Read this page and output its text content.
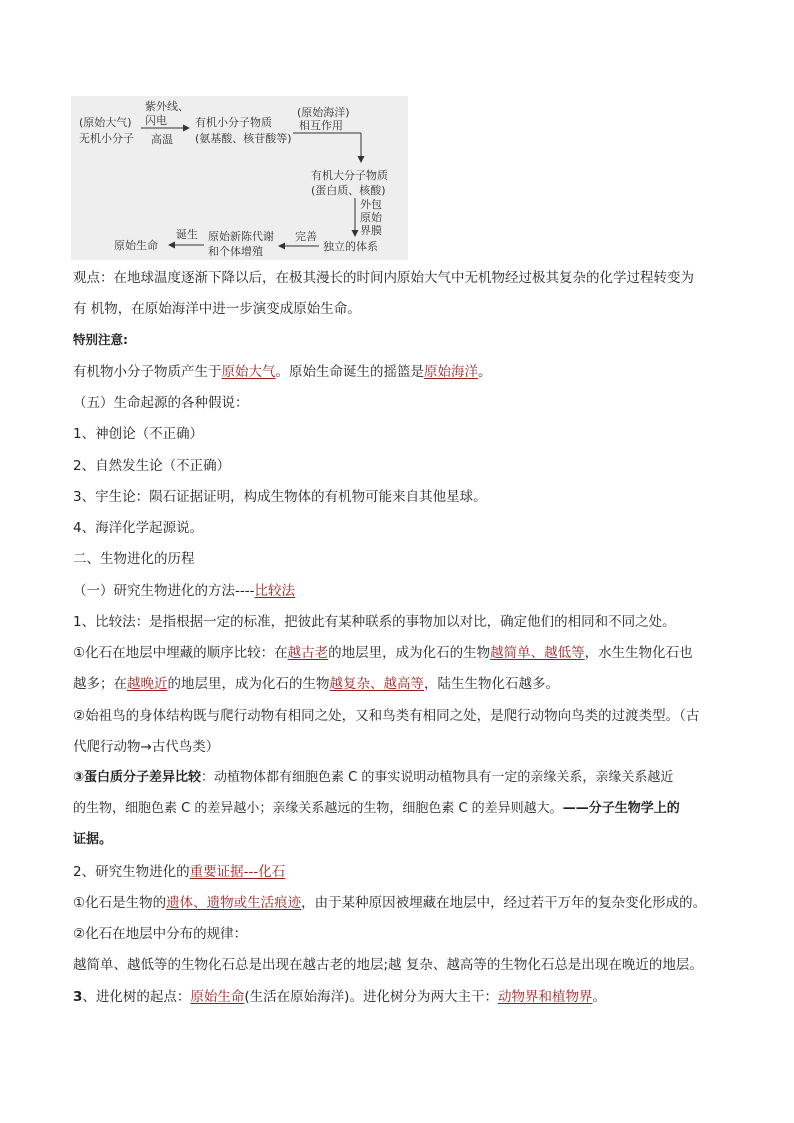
(原始大气)
无机小分子
紫外线、
闪电
高温
有机小分子物质
(氨基酸、核苷酸等)
(原始海洋)
相互作用
有机大分子物质
(蛋白质、核酸)
外包
原始
界膜
独立的体系
完善
原始新陈代谢
和个体增殖
诞生
原始生命
观点：在地球温度逐渐下降以后，在极其漫长的时间内原始大气中无机物经过极其复杂的化学过程转变为
有 机物，在原始海洋中进一步演变成原始生命。
特别注意:
有机物小分子物质产生于原始大气。原始生命诞生的摇篮是原始海洋。
（五）生命起源的各种假说：
1、神创论（不正确）
2、自然发生论（不正确）
3、宇生论：陨石证据证明，构成生物体的有机物可能来自其他星球。
4、海洋化学起源说。
二、生物进化的历程
（一）研究生物进化的方法----比较法
1、比较法：是指根据一定的标准，把彼此有某种联系的事物加以对比，确定他们的相同和不同之处。
①化石在地层中埋藏的顺序比较：在越古老的地层里，成为化石的生物越简单、越低等，水生生物化石也
越多；在越晚近的地层里，成为化石的生物越复杂、越高等，陆生生物化石越多。
②始祖鸟的身体结构既与爬行动物有相同之处，又和鸟类有相同之处，是爬行动物向鸟类的过渡类型。（古
代爬行动物→古代鸟类）
③蛋白质分子差异比较：动植物体都有细胞色素 C 的事实说明动植物具有一定的亲缘关系，亲缘关系越近
的生物，细胞色素 C 的差异越小；亲缘关系越远的生物，细胞色素 C 的差异则越大。——分子生物学上的
证据。
2、研究生物进化的重要证据---化石
①化石是生物的遗体、遗物或生活痕迹，由于某种原因被埋藏在地层中，经过若干万年的复杂变化形成的。
②化石在地层中分布的规律：
越简单、越低等的生物化石总是出现在越古老的地层;越 复杂、越高等的生物化石总是出现在晚近的地层。
3、进化树的起点：原始生命(生活在原始海洋)。进化树分为两大主干：动物界和植物界。
